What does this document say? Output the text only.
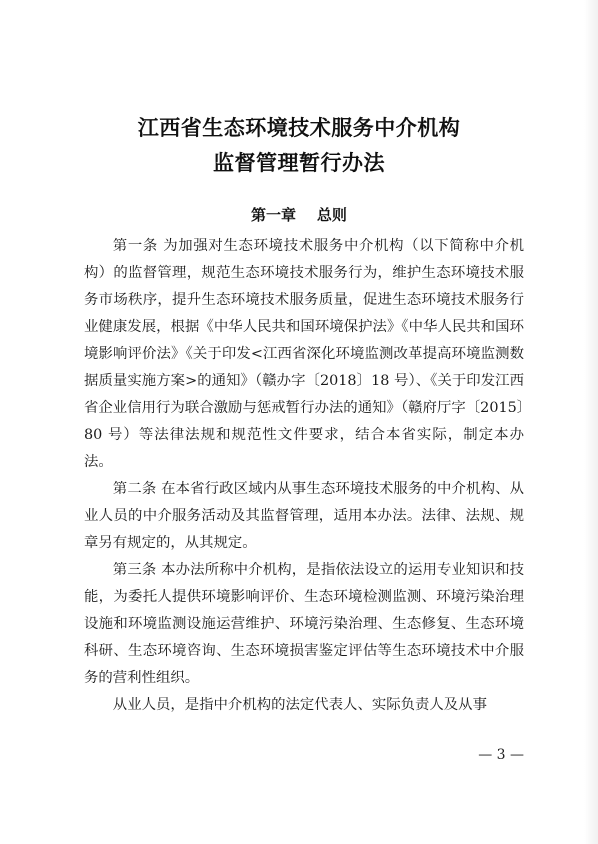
江西省生态环境技术服务中介机构
监督管理暂行办法
第一章    总则

第一条 为加强对生态环境技术服务中介机构（以下简称中介机构）的监督管理，规范生态环境技术服务行为，维护生态环境技术服务市场秩序，提升生态环境技术服务质量，促进生态环境技术服务行业健康发展，根据《中华人民共和国环境保护法》《中华人民共和国环境影响评价法》《关于印发<江西省深化环境监测改革提高环境监测数据质量实施方案>的通知》（赣办字〔2018〕18 号）、《关于印发江西省企业信用行为联合激励与惩戒暂行办法的通知》（赣府厅字〔2015〕80 号）等法律法规和规范性文件要求，结合本省实际，制定本办法。

第二条 在本省行政区域内从事生态环境技术服务的中介机构、从业人员的中介服务活动及其监督管理，适用本办法。法律、法规、规章另有规定的，从其规定。

第三条 本办法所称中介机构，是指依法设立的运用专业知识和技能，为委托人提供环境影响评价、生态环境检测监测、环境污染治理设施和环境监测设施运营维护、环境污染治理、生态修复、生态环境科研、生态环境咨询、生态环境损害鉴定评估等生态环境技术中介服务的营利性组织。

从业人员，是指中介机构的法定代表人、实际负责人及从事

— 3 —
